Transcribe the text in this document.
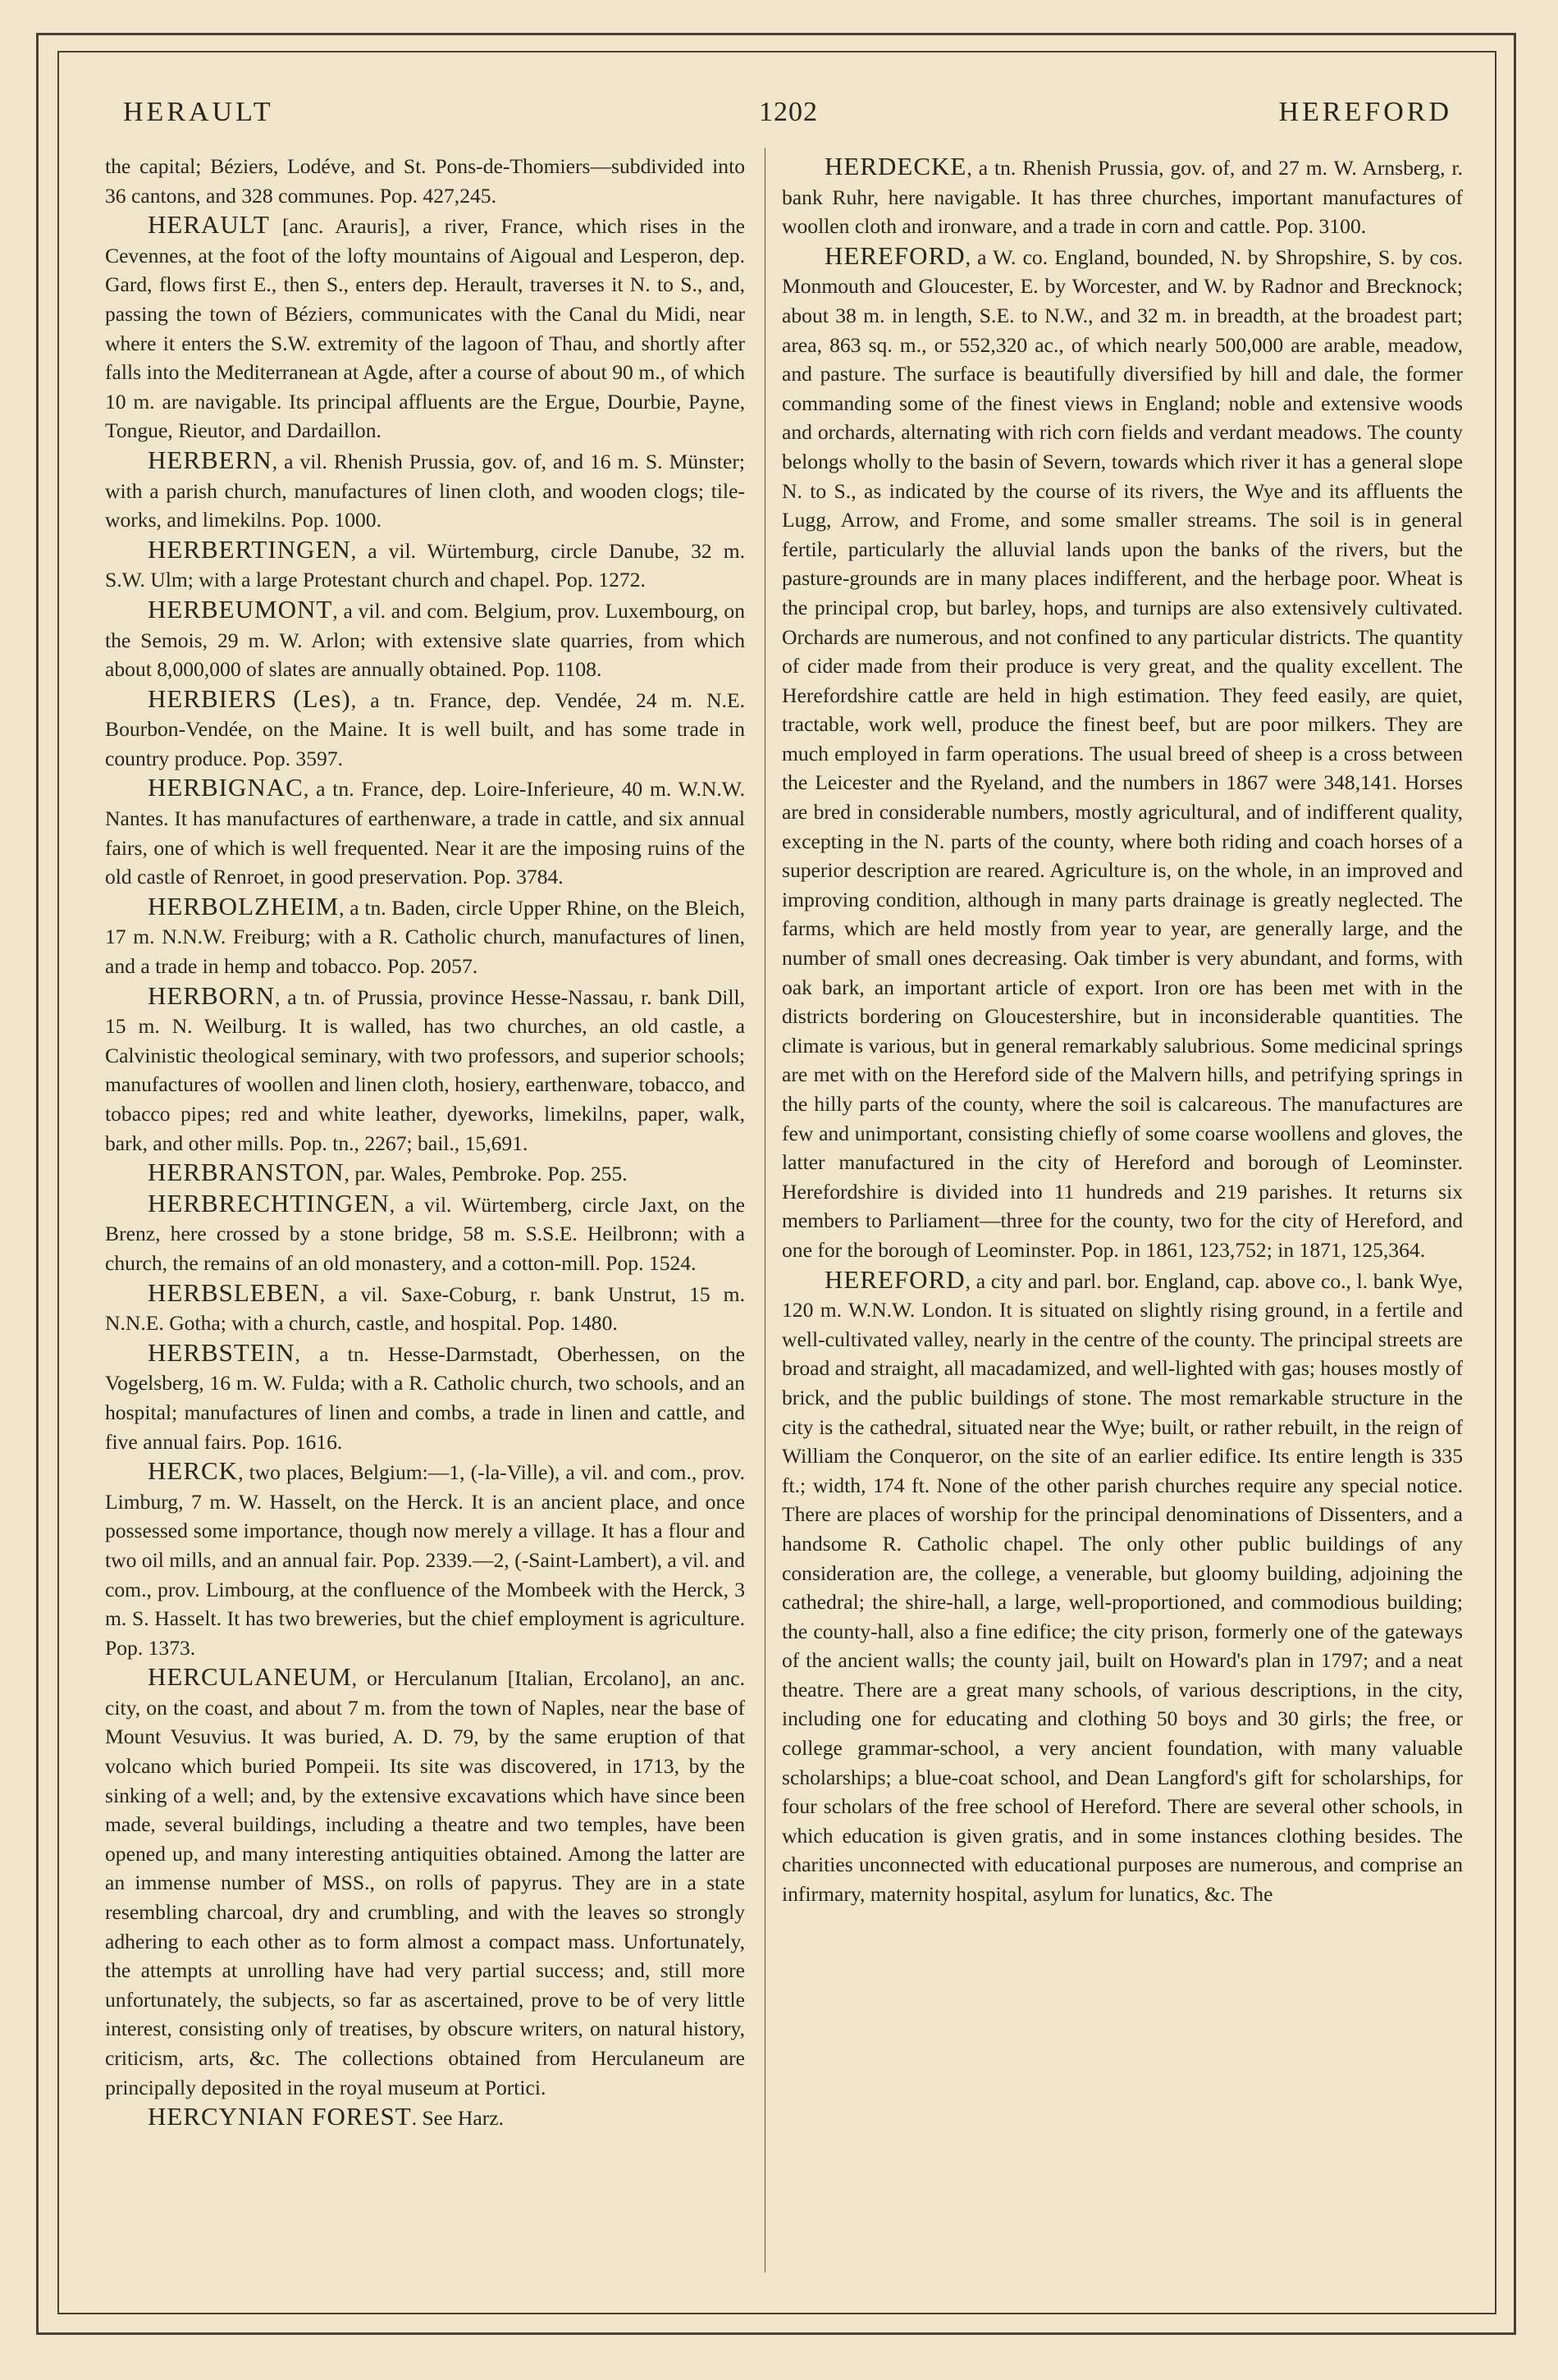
HERAULT	1202	HEREFORD

the capital; Béziers, Lodéve, and St. Pons-de-Thomiers—subdivided into 36 cantons, and 328 communes. Pop. 427,245.

HERAULT [anc. Arauris], a river, France, which rises in the Cevennes, at the foot of the lofty mountains of Aigoual and Lesperon, dep. Gard, flows first E., then S., enters dep. Herault, traverses it N. to S., and, passing the town of Béziers, communicates with the Canal du Midi, near where it enters the S.W. extremity of the lagoon of Thau, and shortly after falls into the Mediterranean at Agde, after a course of about 90 m., of which 10 m. are navigable. Its principal affluents are the Ergue, Dourbie, Payne, Tongue, Rieutor, and Dardaillon.

HERBERN, a vil. Rhenish Prussia, gov. of, and 16 m. S. Münster; with a parish church, manufactures of linen cloth, and wooden clogs; tile-works, and limekilns. Pop. 1000.

HERBERTINGEN, a vil. Würtemburg, circle Danube, 32 m. S.W. Ulm; with a large Protestant church and chapel. Pop. 1272.

HERBEUMONT, a vil. and com. Belgium, prov. Luxembourg, on the Semois, 29 m. W. Arlon; with extensive slate quarries, from which about 8,000,000 of slates are annually obtained. Pop. 1108.

HERBIERS (Les), a tn. France, dep. Vendée, 24 m. N.E. Bourbon-Vendée, on the Maine. It is well built, and has some trade in country produce. Pop. 3597.

HERBIGNAC, a tn. France, dep. Loire-Inferieure, 40 m. W.N.W. Nantes. It has manufactures of earthenware, a trade in cattle, and six annual fairs, one of which is well frequented. Near it are the imposing ruins of the old castle of Renroet, in good preservation. Pop. 3784.

HERBOLZHEIM, a tn. Baden, circle Upper Rhine, on the Bleich, 17 m. N.N.W. Freiburg; with a R. Catholic church, manufactures of linen, and a trade in hemp and tobacco. Pop. 2057.

HERBORN, a tn. of Prussia, province Hesse-Nassau, r. bank Dill, 15 m. N. Weilburg. It is walled, has two churches, an old castle, a Calvinistic theological seminary, with two professors, and superior schools; manufactures of woollen and linen cloth, hosiery, earthenware, tobacco, and tobacco pipes; red and white leather, dyeworks, limekilns, paper, walk, bark, and other mills. Pop. tn., 2267; bail., 15,691.

HERBRANSTON, par. Wales, Pembroke. Pop. 255.

HERBRECHTINGEN, a vil. Würtemberg, circle Jaxt, on the Brenz, here crossed by a stone bridge, 58 m. S.S.E. Heilbronn; with a church, the remains of an old monastery, and a cotton-mill. Pop. 1524.

HERBSLEBEN, a vil. Saxe-Coburg, r. bank Unstrut, 15 m. N.N.E. Gotha; with a church, castle, and hospital. Pop. 1480.

HERBSTEIN, a tn. Hesse-Darmstadt, Oberhessen, on the Vogelsberg, 16 m. W. Fulda; with a R. Catholic church, two schools, and an hospital; manufactures of linen and combs, a trade in linen and cattle, and five annual fairs. Pop. 1616.

HERCK, two places, Belgium:—1, (-la-Ville), a vil. and com., prov. Limburg, 7 m. W. Hasselt, on the Herck. It is an ancient place, and once possessed some importance, though now merely a village. It has a flour and two oil mills, and an annual fair. Pop. 2339.—2, (-Saint-Lambert), a vil. and com., prov. Limbourg, at the confluence of the Mombeek with the Herck, 3 m. S. Hasselt. It has two breweries, but the chief employment is agriculture. Pop. 1373.

HERCULANEUM, or Herculanum [Italian, Ercolano], an anc. city, on the coast, and about 7 m. from the town of Naples, near the base of Mount Vesuvius. It was buried, A. D. 79, by the same eruption of that volcano which buried Pompeii. Its site was discovered, in 1713, by the sinking of a well; and, by the extensive excavations which have since been made, several buildings, including a theatre and two temples, have been opened up, and many interesting antiquities obtained. Among the latter are an immense number of MSS., on rolls of papyrus. They are in a state resembling charcoal, dry and crumbling, and with the leaves so strongly adhering to each other as to form almost a compact mass. Unfortunately, the attempts at unrolling have had very partial success; and, still more unfortunately, the subjects, so far as ascertained, prove to be of very little interest, consisting only of treatises, by obscure writers, on natural history, criticism, arts, &c. The collections obtained from Herculaneum are principally deposited in the royal museum at Portici.

HERCYNIAN FOREST. See Harz.

HERDECKE, a tn. Rhenish Prussia, gov. of, and 27 m. W. Arnsberg, r. bank Ruhr, here navigable. It has three churches, important manufactures of woollen cloth and ironware, and a trade in corn and cattle. Pop. 3100.

HEREFORD, a W. co. England, bounded, N. by Shropshire, S. by cos. Monmouth and Gloucester, E. by Worcester, and W. by Radnor and Brecknock; about 38 m. in length, S.E. to N.W., and 32 m. in breadth, at the broadest part; area, 863 sq. m., or 552,320 ac., of which nearly 500,000 are arable, meadow, and pasture. The surface is beautifully diversified by hill and dale, the former commanding some of the finest views in England; noble and extensive woods and orchards, alternating with rich corn fields and verdant meadows. The county belongs wholly to the basin of Severn, towards which river it has a general slope N. to S., as indicated by the course of its rivers, the Wye and its affluents the Lugg, Arrow, and Frome, and some smaller streams. The soil is in general fertile, particularly the alluvial lands upon the banks of the rivers, but the pasture-grounds are in many places indifferent, and the herbage poor. Wheat is the principal crop, but barley, hops, and turnips are also extensively cultivated. Orchards are numerous, and not confined to any particular districts. The quantity of cider made from their produce is very great, and the quality excellent. The Herefordshire cattle are held in high estimation. They feed easily, are quiet, tractable, work well, produce the finest beef, but are poor milkers. They are much employed in farm operations. The usual breed of sheep is a cross between the Leicester and the Ryeland, and the numbers in 1867 were 348,141. Horses are bred in considerable numbers, mostly agricultural, and of indifferent quality, excepting in the N. parts of the county, where both riding and coach horses of a superior description are reared. Agriculture is, on the whole, in an improved and improving condition, although in many parts drainage is greatly neglected. The farms, which are held mostly from year to year, are generally large, and the number of small ones decreasing. Oak timber is very abundant, and forms, with oak bark, an important article of export. Iron ore has been met with in the districts bordering on Gloucestershire, but in inconsiderable quantities. The climate is various, but in general remarkably salubrious. Some medicinal springs are met with on the Hereford side of the Malvern hills, and petrifying springs in the hilly parts of the county, where the soil is calcareous. The manufactures are few and unimportant, consisting chiefly of some coarse woollens and gloves, the latter manufactured in the city of Hereford and borough of Leominster. Herefordshire is divided into 11 hundreds and 219 parishes. It returns six members to Parliament—three for the county, two for the city of Hereford, and one for the borough of Leominster. Pop. in 1861, 123,752; in 1871, 125,364.

HEREFORD, a city and parl. bor. England, cap. above co., l. bank Wye, 120 m. W.N.W. London. It is situated on slightly rising ground, in a fertile and well-cultivated valley, nearly in the centre of the county. The principal streets are broad and straight, all macadamized, and well-lighted with gas; houses mostly of brick, and the public buildings of stone. The most remarkable structure in the city is the cathedral, situated near the Wye; built, or rather rebuilt, in the reign of William the Conqueror, on the site of an earlier edifice. Its entire length is 335 ft.; width, 174 ft. None of the other parish churches require any special notice. There are places of worship for the principal denominations of Dissenters, and a handsome R. Catholic chapel. The only other public buildings of any consideration are, the college, a venerable, but gloomy building, adjoining the cathedral; the shire-hall, a large, well-proportioned, and commodious building; the county-hall, also a fine edifice; the city prison, formerly one of the gateways of the ancient walls; the county jail, built on Howard's plan in 1797; and a neat theatre. There are a great many schools, of various descriptions, in the city, including one for educating and clothing 50 boys and 30 girls; the free, or college grammar-school, a very ancient foundation, with many valuable scholarships; a blue-coat school, and Dean Langford's gift for scholarships, for four scholars of the free school of Hereford. There are several other schools, in which education is given gratis, and in some instances clothing besides. The charities unconnected with educational purposes are numerous, and comprise an infirmary, maternity hospital, asylum for lunatics, &c. The
